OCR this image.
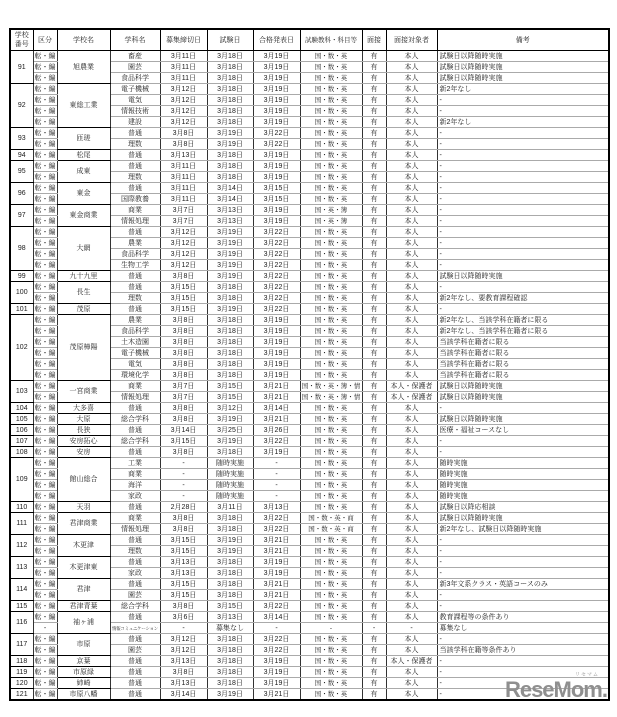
学校番号	区分	学校名	学科名	募集締切日	試験日	合格発表日	試験教科・科目等	面接	面接対象者	備考
91	転・編	旭農業	畜産	3月11日	3月18日	3月19日	国・数・英	有	本人	試験日以降随時実施
	転・編		園芸	3月11日	3月18日	3月19日	国・数・英	有	本人	試験日以降随時実施
	転・編		食品科学	3月11日	3月18日	3月19日	国・数・英	有	本人	試験日以降随時実施
92	転・編	東総工業	電子機械	3月12日	3月18日	3月19日	国・数・英	有	本人	新2年なし
	転・編		電気	3月12日	3月18日	3月19日	国・数・英	有	本人	-
	転・編		情報技術	3月12日	3月18日	3月19日	国・数・英	有	本人	-
	転・編		建設	3月12日	3月18日	3月19日	国・数・英	有	本人	新2年なし
93	転・編	匝瑳	普通	3月8日	3月19日	3月22日	国・数・英	有	本人	-
	転・編		理数	3月8日	3月19日	3月22日	国・数・英	有	本人	-
94	転・編	松尾	普通	3月13日	3月18日	3月19日	国・数・英	有	本人	-
95	転・編	成東	普通	3月11日	3月18日	3月19日	国・数・英	有	本人	-
	転・編		理数	3月11日	3月18日	3月19日	国・数・英	有	本人	-
96	転・編	東金	普通	3月11日	3月14日	3月15日	国・数・英	有	本人	-
	転・編		国際教養	3月11日	3月14日	3月15日	国・数・英	有	本人	-
97	転・編	東金商業	商業	3月7日	3月13日	3月19日	国・英・簿	有	本人	-
	転・編		情報処理	3月7日	3月13日	3月19日	国・英・簿	有	本人	-
98	転・編	大網	普通	3月12日	3月19日	3月22日	国・数・英	有	本人	-
	転・編		農業	3月12日	3月19日	3月22日	国・数・英	有	本人	-
	転・編		食品科学	3月12日	3月19日	3月22日	国・数・英	有	本人	-
	転・編		生物工学	3月12日	3月19日	3月22日	国・数・英	有	本人	-
99	転・編	九十九里	普通	3月8日	3月19日	3月22日	国・数・英	有	本人	試験日以降随時実施
100	転・編	長生	普通	3月15日	3月18日	3月22日	国・数・英	有	本人	-
	転・編		理数	3月15日	3月18日	3月22日	国・数・英	有	本人	新2年なし、要教育課程確認
101	転・編	茂原	普通	3月15日	3月19日	3月22日	国・数・英	有	本人	-
102	転・編	茂原樟陽	農業	3月8日	3月18日	3月19日	国・数・英	有	本人	新2年なし、当該学科在籍者に限る
	転・編		食品科学	3月8日	3月18日	3月19日	国・数・英	有	本人	新2年なし、当該学科在籍者に限る
	転・編		土木造園	3月8日	3月18日	3月19日	国・数・英	有	本人	当該学科在籍者に限る
	転・編		電子機械	3月8日	3月18日	3月19日	国・数・英	有	本人	当該学科在籍者に限る
	転・編		電気	3月8日	3月18日	3月19日	国・数・英	有	本人	当該学科在籍者に限る
	転・編		環境化学	3月8日	3月18日	3月19日	国・数・英	有	本人	当該学科在籍者に限る
103	転・編	一宮商業	商業	3月7日	3月15日	3月21日	国・数・英・簿・情	有	本人・保護者	試験日以降随時実施
	転・編		情報処理	3月7日	3月15日	3月21日	国・数・英・簿・情	有	本人・保護者	試験日以降随時実施
104	転・編	大多喜	普通	3月8日	3月12日	3月14日	国・数・英	有	本人	-
105	転・編	大原	総合学科	3月8日	3月19日	3月21日	国・数・英	有	本人	試験日以降随時実施
106	転・編	長狭	普通	3月14日	3月25日	3月26日	国・数・英	有	本人	医療・福祉コースなし
107	転・編	安房拓心	総合学科	3月15日	3月19日	3月22日	国・数・英	有	本人	-
108	転・編	安房	普通	3月8日	3月18日	3月19日	国・数・英	有	本人	-
109	転・編	館山総合	工業	-	随時実施	-	国・数・英	有	本人	随時実施
	転・編		商業	-	随時実施	-	国・数・英	有	本人	随時実施
	転・編		海洋	-	随時実施	-	国・数・英	有	本人	随時実施
	転・編		家政	-	随時実施	-	国・数・英	有	本人	随時実施
110	転・編	天羽	普通	2月28日	3月11日	3月13日	国・数・英	有	本人	試験日以降応相談
111	転・編	君津商業	商業	3月8日	3月18日	3月22日	国・数・英・商	有	本人	試験日以降随時実施
	転・編		情報処理	3月8日	3月18日	3月22日	国・数・英・商	有	本人	新2年なし、試験日以降随時実施
112	転・編	木更津	普通	3月15日	3月19日	3月21日	国・数・英	有	本人	-
	転・編		理数	3月15日	3月19日	3月21日	国・数・英	有	本人	-
113	転・編	木更津東	普通	3月13日	3月18日	3月19日	国・数・英	有	本人	-
	転・編		家政	3月13日	3月18日	3月19日	国・数・英	有	本人	-
114	転・編	君津	普通	3月15日	3月18日	3月21日	国・数・英	有	本人	新3年文系クラス・英語コースのみ
	転・編		園芸	3月15日	3月18日	3月21日	国・数・英	有	本人	-
115	転・編	君津青葉	総合学科	3月8日	3月15日	3月22日	国・数・英	有	本人	-
116	転・編	袖ヶ浦	普通	3月6日	3月13日	3月14日	国・数・英	有	本人	教育課程等の条件あり
	-		情報コミュニケーション	-	募集なし	-	-	-	-	募集なし
117	転・編	市原	普通	3月12日	3月18日	3月22日	国・数・英	有	本人	-
	転・編		園芸	3月12日	3月18日	3月22日	国・数・英	有	本人	当該学科在籍等条件あり
118	転・編	京葉	普通	3月13日	3月18日	3月19日	国・数・英	有	本人・保護者	-
119	転・編	市原緑	普通	3月8日	3月18日	3月19日	国・数・英	有	本人	-
120	転・編	姉崎	普通	3月13日	3月18日	3月19日	国・数・英	有	本人	-
121	転・編	市原八幡	普通	3月14日	3月19日	3月21日	国・数・英	有	本人	-
リセマム
ReseMom.
